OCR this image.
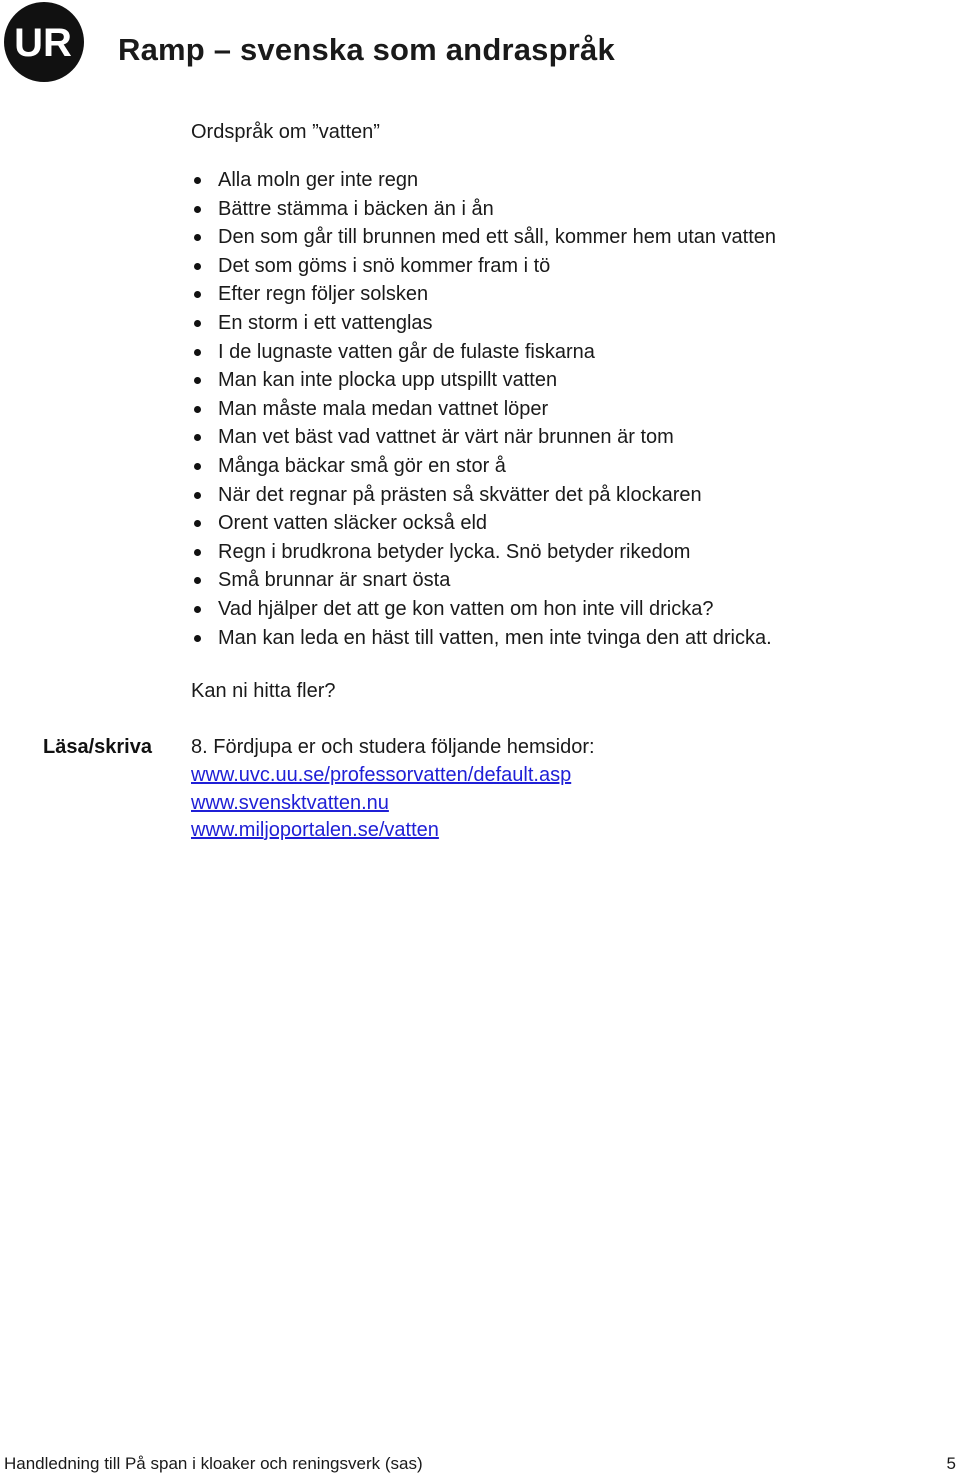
UR Ramp – svenska som andraspråk
Ordspråk om ”vatten”
Alla moln ger inte regn
Bättre stämma i bäcken än i ån
Den som går till brunnen med ett såll, kommer hem utan vatten
Det som göms i snö kommer fram i tö
Efter regn följer solsken
En storm i ett vattenglas
I de lugnaste vatten går de fulaste fiskarna
Man kan inte plocka upp utspillt vatten
Man måste mala medan vattnet löper
Man vet bäst vad vattnet är värt när brunnen är tom
Många bäckar små gör en stor å
När det regnar på prästen så skvätter det på klockaren
Orent vatten släcker också eld
Regn i brudkrona betyder lycka. Snö betyder rikedom
Små brunnar är snart östa
Vad hjälper det att ge kon vatten om hon inte vill dricka?
Man kan leda en häst till vatten, men inte tvinga den att dricka.
Kan ni hitta fler?
Läsa/skriva 8. Fördjupa er och studera följande hemsidor:
www.uvc.uu.se/professorvatten/default.asp
www.svensktvatten.nu
www.miljoportalen.se/vatten
Handledning till På span i kloaker och reningsverk (sas)	5
